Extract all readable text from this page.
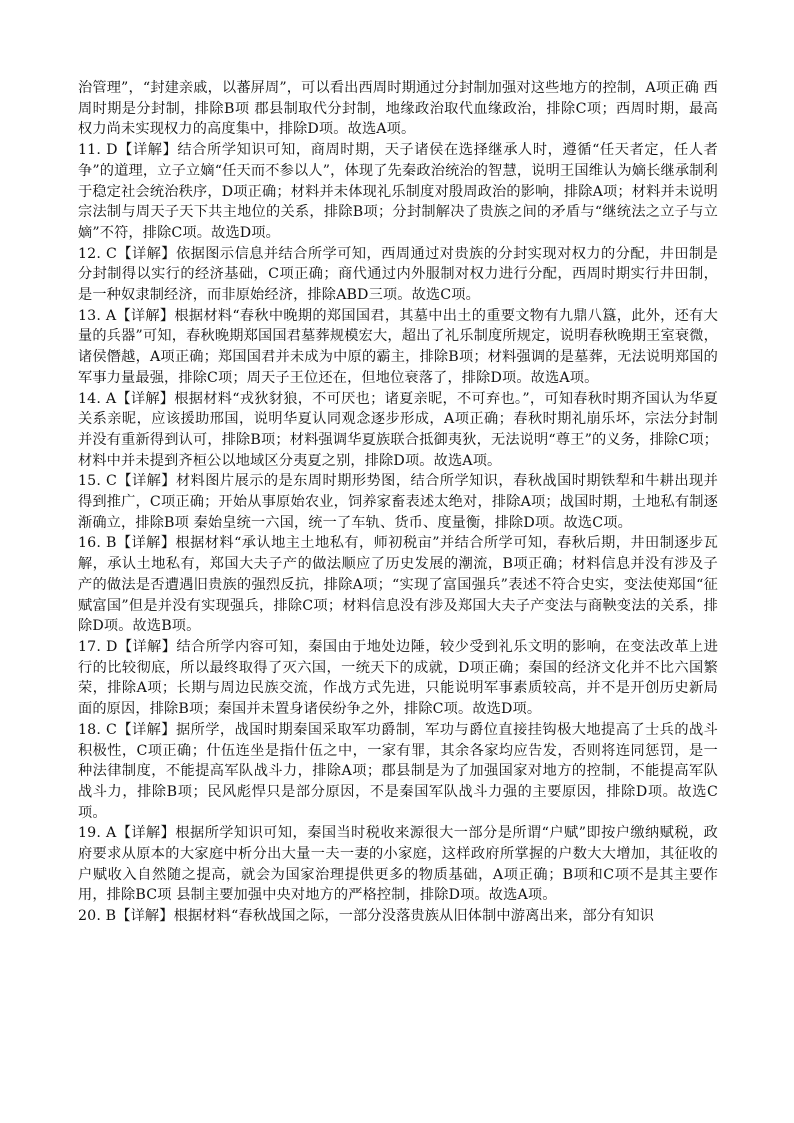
治管理”，“封建亲戚，以蕃屏周”，可以看出西周时期通过分封制加强对这些地方的控制，A项正确 西周时期是分封制，排除B项 郡县制取代分封制，地缘政治取代血缘政治，排除C项；西周时期，最高权力尚未实现权力的高度集中，排除D项。故选A项。

11. D【详解】结合所学知识可知，商周时期，天子诸侯在选择继承人时，遵循“任天者定，任人者争”的道理，立子立嫡“任天而不参以人”，体现了先秦政治统治的智慧，说明王国维认为嫡长继承制利于稳定社会统治秩序，D项正确；材料并未体现礼乐制度对殷周政治的影响，排除A项；材料并未说明宗法制与周天子天下共主地位的关系，排除B项；分封制解决了贵族之间的矛盾与“继统法之立子与立嫡”不符，排除C项。故选D项。

12. C【详解】依据图示信息并结合所学可知，西周通过对贵族的分封实现对权力的分配，井田制是分封制得以实行的经济基础，C项正确；商代通过内外服制对权力进行分配，西周时期实行井田制，是一种奴隶制经济，而非原始经济，排除ABD三项。故选C项。

13. A【详解】根据材料“春秋中晚期的郑国国君，其墓中出土的重要文物有九鼎八簋，此外，还有大量的兵器”可知，春秋晚期郑国国君墓葬规模宏大，超出了礼乐制度所规定，说明春秋晚期王室衰微，诸侯僭越，A项正确；郑国国君并未成为中原的霸主，排除B项；材料强调的是墓葬，无法说明郑国的军事力量最强，排除C项；周天子王位还在，但地位衰落了，排除D项。故选A项。

14. A【详解】根据材料“戎狄豺狼，不可厌也；诸夏亲昵，不可弃也。”，可知春秋时期齐国认为华夏关系亲昵，应该援助邢国，说明华夏认同观念逐步形成，A项正确；春秋时期礼崩乐坏，宗法分封制并没有重新得到认可，排除B项；材料强调华夏族联合抵御夷狄，无法说明“尊王”的义务，排除C项；材料中并未提到齐桓公以地域区分夷夏之别，排除D项。故选A项。

15. C【详解】材料图片展示的是东周时期形势图，结合所学知识，春秋战国时期铁犁和牛耕出现并得到推广，C项正确；开始从事原始农业，饲养家畜表述太绝对，排除A项；战国时期，土地私有制逐渐确立，排除B项 秦始皇统一六国，统一了车轨、货币、度量衡，排除D项。故选C项。

16. B【详解】根据材料“承认地主土地私有，师初税亩”并结合所学可知，春秋后期，井田制逐步瓦解，承认土地私有，郑国大夫子产的做法顺应了历史发展的潮流，B项正确；材料信息并没有涉及子产的做法是否遭遇旧贵族的强烈反抗，排除A项；“实现了富国强兵”表述不符合史实，变法使郑国“征赋富国”但是并没有实现强兵，排除C项；材料信息没有涉及郑国大夫子产变法与商鞅变法的关系，排除D项。故选B项。

17. D【详解】结合所学内容可知，秦国由于地处边陲，较少受到礼乐文明的影响，在变法改革上进行的比较彻底，所以最终取得了灭六国，一统天下的成就，D项正确；秦国的经济文化并不比六国繁荣，排除A项；长期与周边民族交流，作战方式先进，只能说明军事素质较高，并不是开创历史新局面的原因，排除B项；秦国并未置身诸侯纷争之外，排除C项。故选D项。

18. C【详解】据所学，战国时期秦国采取军功爵制，军功与爵位直接挂钩极大地提高了士兵的战斗积极性，C项正确；什伍连坐是指什伍之中，一家有罪，其余各家均应告发，否则将连同惩罚，是一种法律制度，不能提高军队战斗力，排除A项；郡县制是为了加强国家对地方的控制，不能提高军队战斗力，排除B项；民风彪悍只是部分原因，不是秦国军队战斗力强的主要原因，排除D项。故选C项。

19. A【详解】根据所学知识可知，秦国当时税收来源很大一部分是所谓“户赋”即按户缴纳赋税，政府要求从原本的大家庭中析分出大量一夫一妻的小家庭，这样政府所掌握的户数大大增加，其征收的户赋收入自然随之提高，就会为国家治理提供更多的物质基础，A项正确；B项和C项不是其主要作用，排除BC项 县制主要加强中央对地方的严格控制，排除D项。故选A项。

20. B【详解】根据材料“春秋战国之际，一部分没落贵族从旧体制中游离出来，部分有知识
